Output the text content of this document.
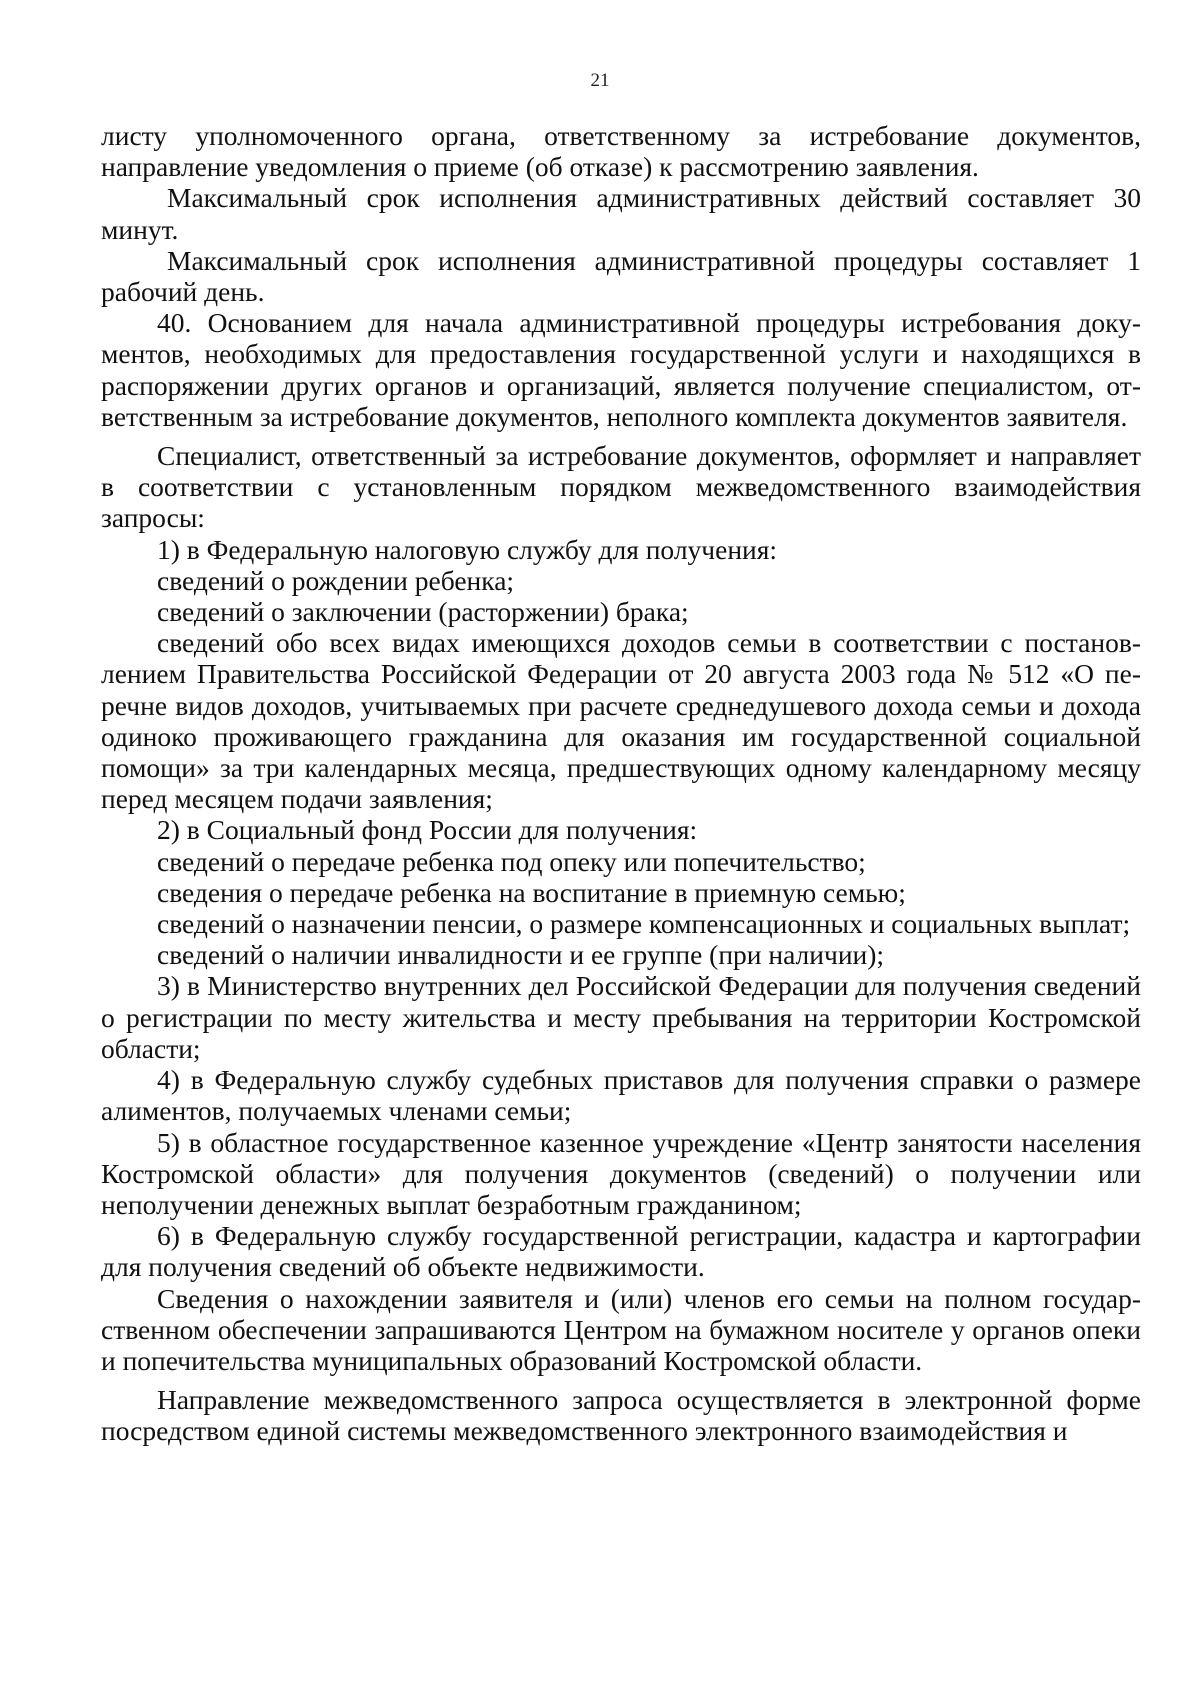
21

листу уполномоченного органа, ответственному за истребование документов, направление уведомления о приеме (об отказе) к рассмотрению заявления.

Максимальный срок исполнения административных действий составляет 30 минут.

Максимальный срок исполнения административной процедуры составляет 1 рабочий день.

40. Основанием для начала административной процедуры истребования документов, необходимых для предоставления государственной услуги и находящихся в распоряжении других органов и организаций, является получение специалистом, ответственным за истребование документов, неполного комплекта документов заявителя.

Специалист, ответственный за истребование документов, оформляет и направляет в соответствии с установленным порядком межведомственного взаимодействия запросы:

1) в Федеральную налоговую службу для получения:

сведений о рождении ребенка;

сведений о заключении (расторжении) брака;

сведений обо всех видах имеющихся доходов семьи в соответствии с постановлением Правительства Российской Федерации от 20 августа 2003 года № 512 «О перечне видов доходов, учитываемых при расчете среднедушевого дохода семьи и дохода одиноко проживающего гражданина для оказания им государственной социальной помощи» за три календарных месяца, предшествующих одному календарному месяцу перед месяцем подачи заявления;

2) в Социальный фонд России для получения:

сведений о передаче ребенка под опеку или попечительство;

сведения о передаче ребенка на воспитание в приемную семью;

сведений о назначении пенсии, о размере компенсационных и социальных выплат;

сведений о наличии инвалидности и ее группе (при наличии);

3) в Министерство внутренних дел Российской Федерации для получения сведений о регистрации по месту жительства и месту пребывания на территории Костромской области;

4) в Федеральную службу судебных приставов для получения справки о размере алиментов, получаемых членами семьи;

5) в областное государственное казенное учреждение «Центр занятости населения Костромской области» для получения документов (сведений) о получении или неполучении денежных выплат безработным гражданином;

6) в Федеральную службу государственной регистрации, кадастра и картографии для получения сведений об объекте недвижимости.

Сведения о нахождении заявителя и (или) членов его семьи на полном государственном обеспечении запрашиваются Центром на бумажном носителе у органов опеки и попечительства муниципальных образований Костромской области.

Направление межведомственного запроса осуществляется в электронной форме посредством единой системы межведомственного электронного взаимодействия и
